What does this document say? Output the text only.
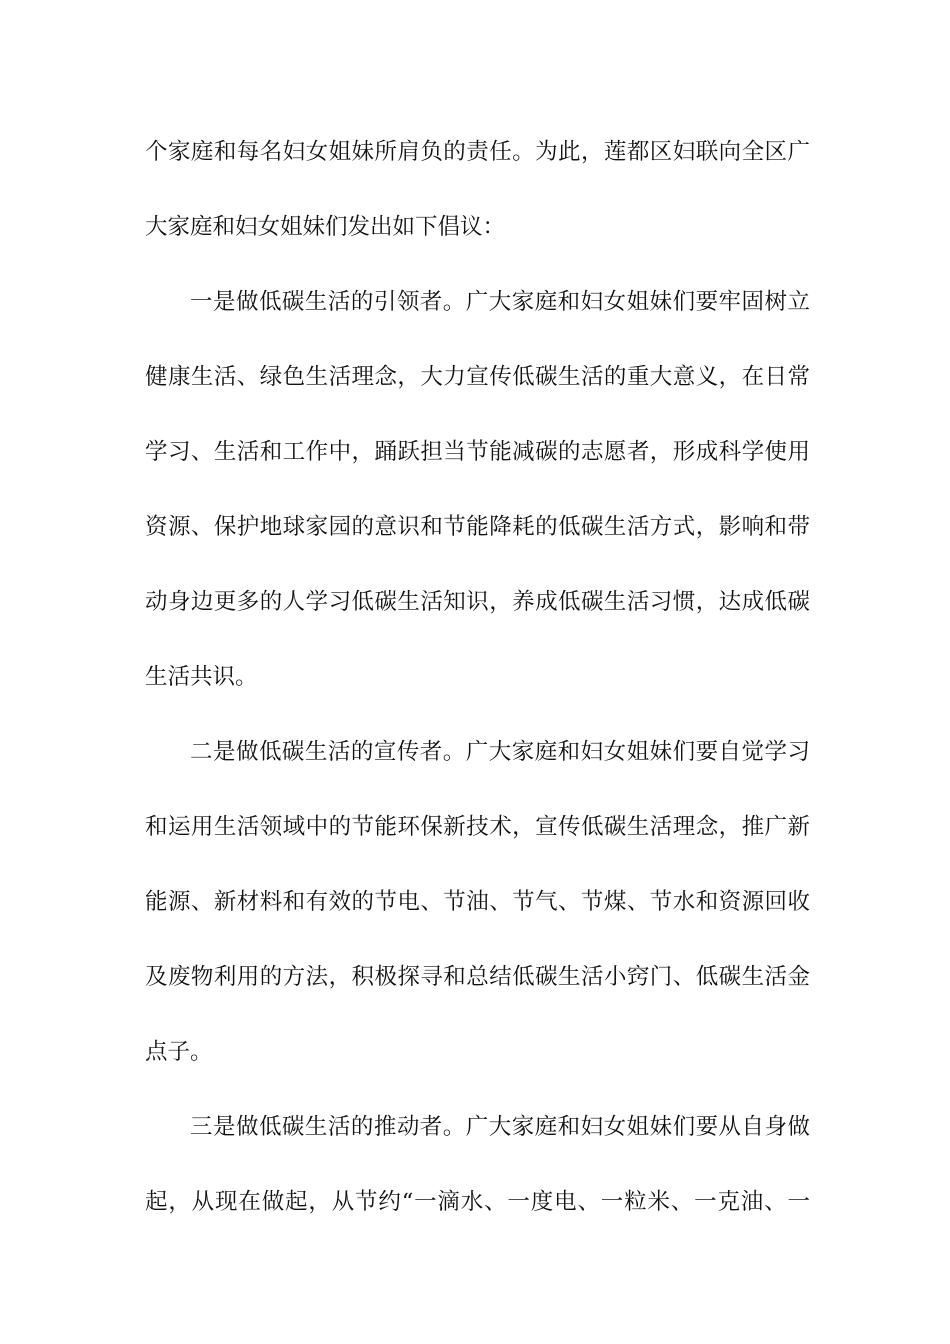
个家庭和每名妇女姐妹所肩负的责任。为此，莲都区妇联向全区广
大家庭和妇女姐妹们发出如下倡议：
一是做低碳生活的引领者。广大家庭和妇女姐妹们要牢固树立
健康生活、绿色生活理念，大力宣传低碳生活的重大意义，在日常
学习、生活和工作中，踊跃担当节能减碳的志愿者，形成科学使用
资源、保护地球家园的意识和节能降耗的低碳生活方式，影响和带
动身边更多的人学习低碳生活知识，养成低碳生活习惯，达成低碳
生活共识。
二是做低碳生活的宣传者。广大家庭和妇女姐妹们要自觉学习
和运用生活领域中的节能环保新技术，宣传低碳生活理念，推广新
能源、新材料和有效的节电、节油、节气、节煤、节水和资源回收
及废物利用的方法，积极探寻和总结低碳生活小窍门、低碳生活金
点子。
三是做低碳生活的推动者。广大家庭和妇女姐妹们要从自身做
起，从现在做起，从节约“一滴水、一度电、一粒米、一克油、一
